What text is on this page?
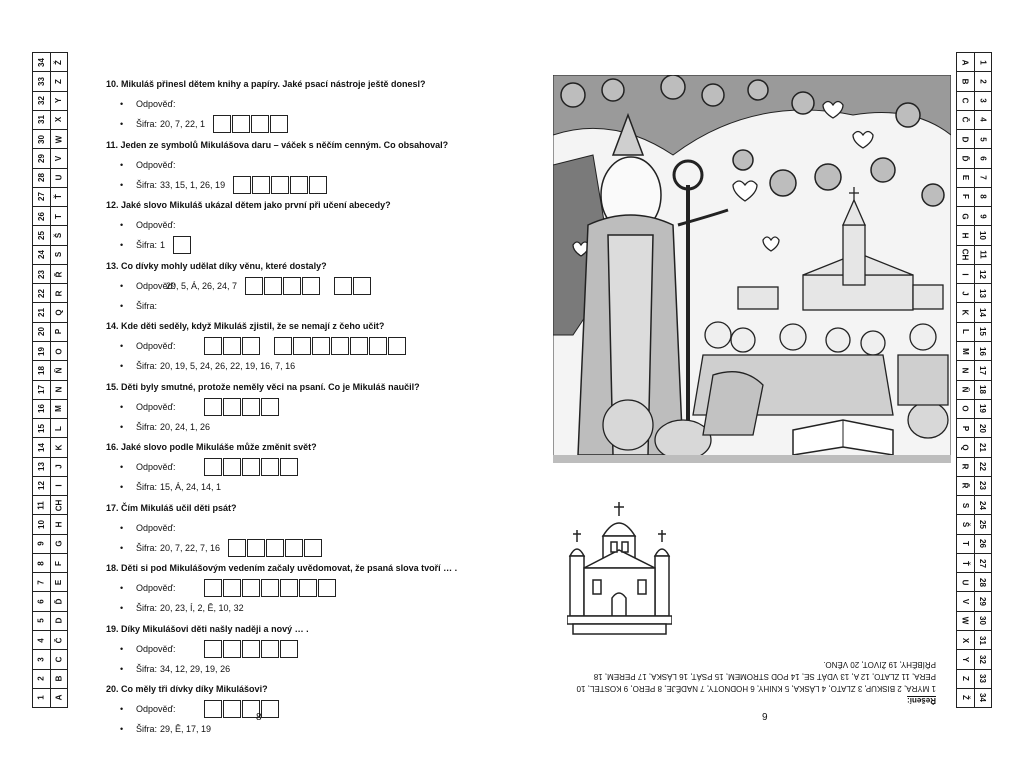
34 Ž
33 Z
32 Y
31 X
30 W
29 V
28 U
27 Ť
26 T
25 Š
24 S
23 Ř
22 R
21 Q
20 P
19 O
18 Ň
17 N
16 M
15 L
14 K
13 J
12 I
11 CH
10 H
9 G
8 F
7 E
6 Ď
5 D
4 Č
3 C
2 B
1 A
10. Mikuláš přinesl dětem knihy a papíry. Jaké psací nástroje ještě donesl?
•	Odpověď:
•	Šifra: 20, 7, 22, 1
11. Jeden ze symbolů Mikulášova daru – váček s něčím cenným. Co obsahoval?
•	Odpověď:
•	Šifra: 33, 15, 1, 26, 19
12. Jaké slovo Mikuláš ukázal dětem jako první při učení abecedy?
•	Odpověď:
•	Šifra: 1
13. Co dívky mohly udělat díky věnu, které dostaly?
•	Odpověď:
29, 5, Á, 26, 24, 7
•	Šifra:
14. Kde děti seděly, když Mikuláš zjistil, že se nemají z čeho učit?
•	Odpověď:
•	Šifra: 20, 19, 5, 24, 26, 22, 19, 16, 7, 16
15. Děti byly smutné, protože neměly věci na psaní. Co je Mikuláš naučil?
•	Odpověď:
•	Šifra: 20, 24, 1, 26
16. Jaké slovo podle Mikuláše může změnit svět?
•	Odpověď:
•	Šifra: 15, Á, 24, 14, 1
17. Čím Mikuláš učil děti psát?
•	Odpověď:
•	Šifra: 20, 7, 22, 7, 16
18. Děti si pod Mikulášovým vedením začaly uvědomovat, že psaná slova tvoří … .
•	Odpověď:
•	Šifra: 20, 23, Í, 2, Ě, 10, 32
19. Díky Mikulášovi děti našly naději a nový … .
•	Odpověď:
•	Šifra: 34, 12, 29, 19, 26
20. Co měly tři dívky díky Mikulášovi?
•	Odpověď:
•	Šifra: 29, Ě, 17, 19
8	9
Řešení:
1 MYRA, 2 BISKUP, 3 ZLATO, 4 LÁSKA, 5 KNIHY, 6 HODNOTY, 7 NADĚJE, 8 PERO, 9 KOSTEL, 10 PERA, 11 ZLATO, 12 A, 13 VDÁT SE, 14 POD STROMEM, 15 PSÁT, 16 LÁSKA, 17 PEREM, 18 PŘÍBĚHY, 19 ŽIVOT, 20 VĚNO.
A 1
B 2
C 3
Č 4
D 5
Ď 6
E 7
F 8
G 9
H 10
CH 11
I 12
J 13
K 14
L 15
M 16
N 17
Ň 18
O 19
P 20
Q 21
R 22
Ř 23
S 24
Š 25
T 26
Ť 27
U 28
V 29
W 30
X 31
Y 32
Z 33
Ž 34
